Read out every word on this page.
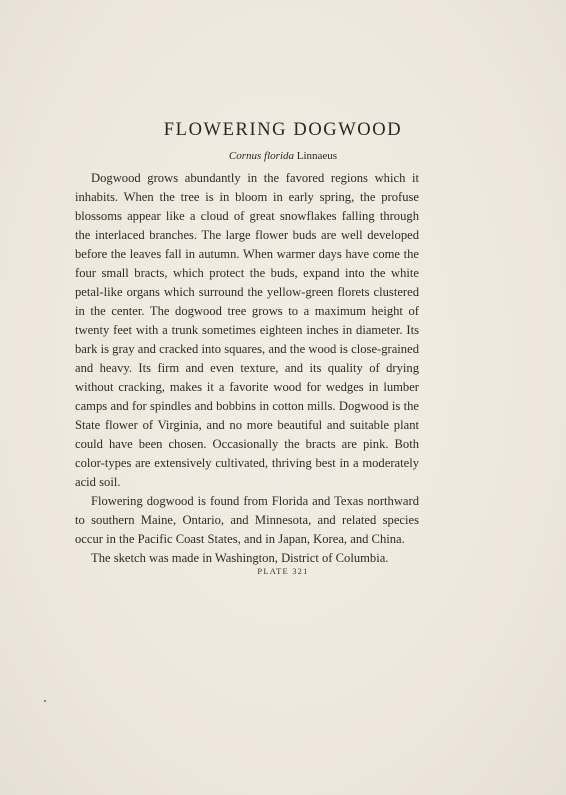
FLOWERING DOGWOOD
Cornus florida Linnaeus

Dogwood grows abundantly in the favored regions which it inhabits. When the tree is in bloom in early spring, the profuse blossoms appear like a cloud of great snowflakes falling through the interlaced branches. The large flower buds are well developed before the leaves fall in autumn. When warmer days have come the four small bracts, which protect the buds, expand into the white petal-like organs which surround the yellow-green florets clustered in the center. The dogwood tree grows to a maximum height of twenty feet with a trunk sometimes eighteen inches in diameter. Its bark is gray and cracked into squares, and the wood is close-grained and heavy. Its firm and even texture, and its quality of drying without cracking, makes it a favorite wood for wedges in lumber camps and for spindles and bobbins in cotton mills. Dogwood is the State flower of Virginia, and no more beautiful and suitable plant could have been chosen. Occasionally the bracts are pink. Both color-types are extensively cultivated, thriving best in a moderately acid soil.

Flowering dogwood is found from Florida and Texas northward to southern Maine, Ontario, and Minnesota, and related species occur in the Pacific Coast States, and in Japan, Korea, and China.

The sketch was made in Washington, District of Columbia.

PLATE 321
